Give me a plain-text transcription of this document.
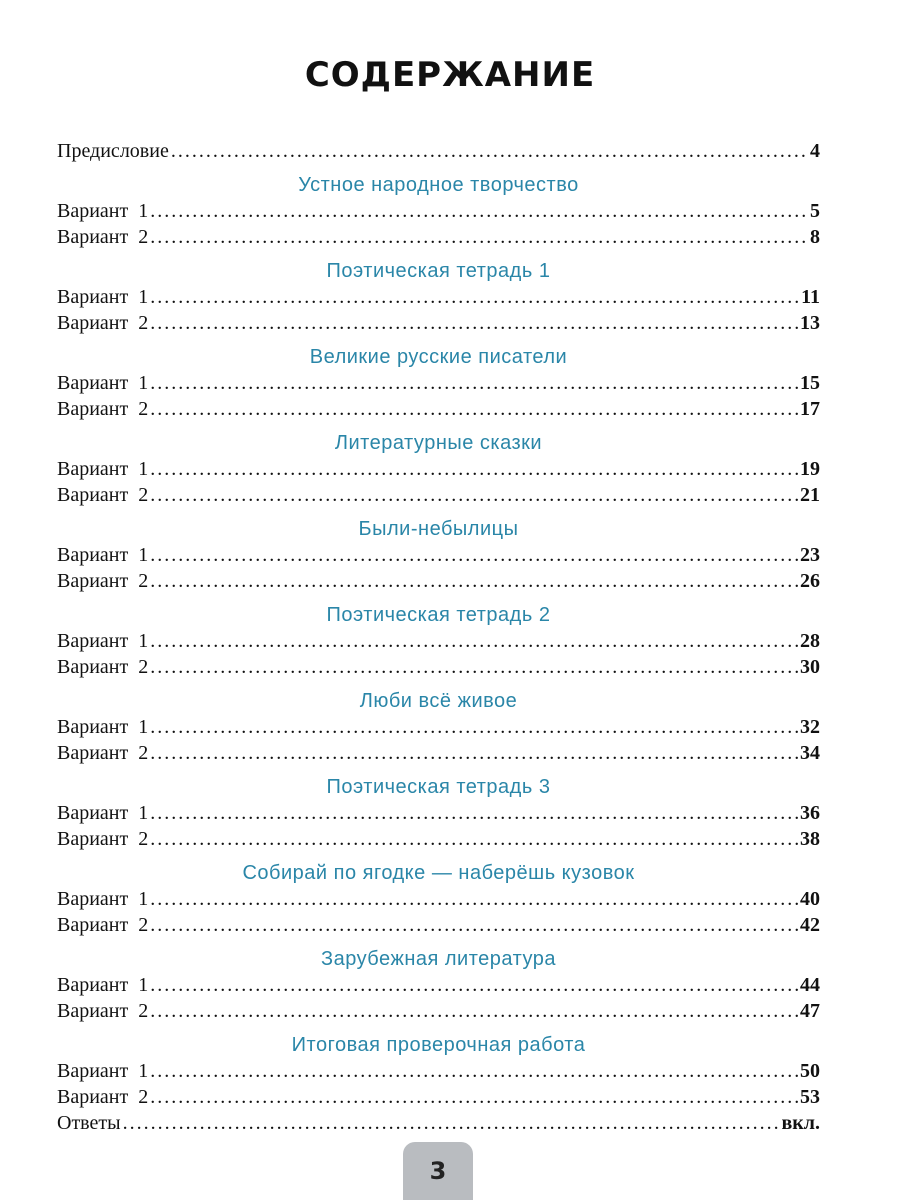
СОДЕРЖАНИЕ
Предисловие .....	4
Устное народное творчество
Вариант  1 .....	5
Вариант  2 .....	8
Поэтическая тетрадь 1
Вариант  1 .....	11
Вариант  2 .....	13
Великие русские писатели
Вариант  1 .....	15
Вариант  2 .....	17
Литературные сказки
Вариант  1 .....	19
Вариант  2 .....	21
Были-небылицы
Вариант  1 .....	23
Вариант  2 .....	26
Поэтическая тетрадь 2
Вариант  1 .....	28
Вариант  2 .....	30
Люби всё живое
Вариант  1 .....	32
Вариант  2 .....	34
Поэтическая тетрадь 3
Вариант  1 .....	36
Вариант  2 .....	38
Собирай по ягодке — наберёшь кузовок
Вариант  1 .....	40
Вариант  2 .....	42
Зарубежная литература
Вариант  1 .....	44
Вариант  2 .....	47
Итоговая проверочная работа
Вариант  1 .....	50
Вариант  2 .....	53
Ответы .....	вкл.
3
